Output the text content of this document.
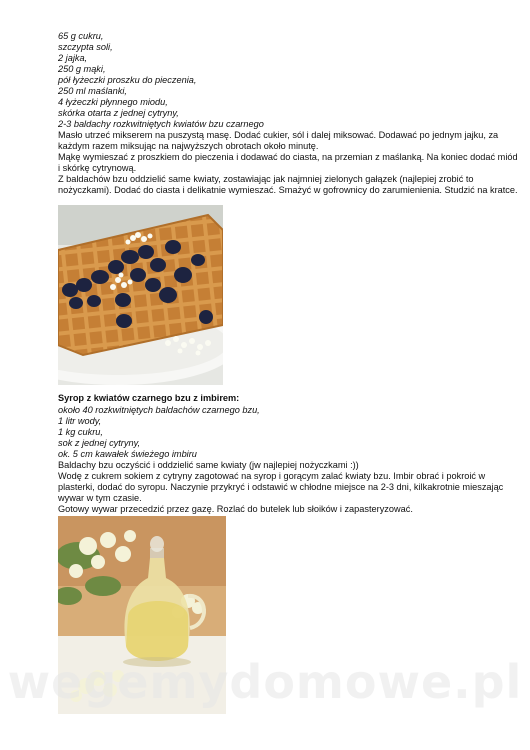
65 g cukru,
szczypta soli,
2 jajka,
250 g mąki,
pół łyżeczki proszku do pieczenia,
250 ml maślanki,
4 łyżeczki płynnego miodu,
skórka otarta z jednej cytryny,
2-3 baldachy rozkwitniętych kwiatów bzu czarnego
Masło utrzeć mikserem na puszystą masę. Dodać cukier, sól i dalej miksować. Dodawać po jednym jajku, za każdym razem miksując na najwyższych obrotach około minutę.
Mąkę wymieszać z proszkiem do pieczenia i dodawać do ciasta, na przemian z maślanką. Na koniec dodać miód i skórkę cytrynową.
Z baldachów bzu oddzielić same kwiaty, zostawiając jak najmniej zielonych gałązek (najlepiej zrobić to nożyczkami). Dodać do ciasta i delikatnie wymieszać. Smażyć w gofrownicy do zarumienienia. Studzić na kratce.
Syrop z kwiatów czarnego bzu z imbirem:
około 40 rozkwitniętych baldachów czarnego bzu,
1 litr wody,
1 kg cukru,
sok z jednej cytryny,
ok. 5 cm kawałek świeżego imbiru
Baldachy bzu oczyścić i oddzielić same kwiaty (jw najlepiej nożyczkami :))
Wodę z cukrem sokiem z cytryny zagotować na syrop i gorącym zalać kwiaty bzu. Imbir obrać i pokroić w plasterki, dodać do syropu. Naczynie przykryć i odstawić w chłodne miejsce na 2-3 dni, kilkakrotnie mieszając wywar w tym czasie.
Gotowy wywar przecedzić przez gazę. Rozlać do butelek lub słoików i zapasteryzować.
wegemydomowe.pl
